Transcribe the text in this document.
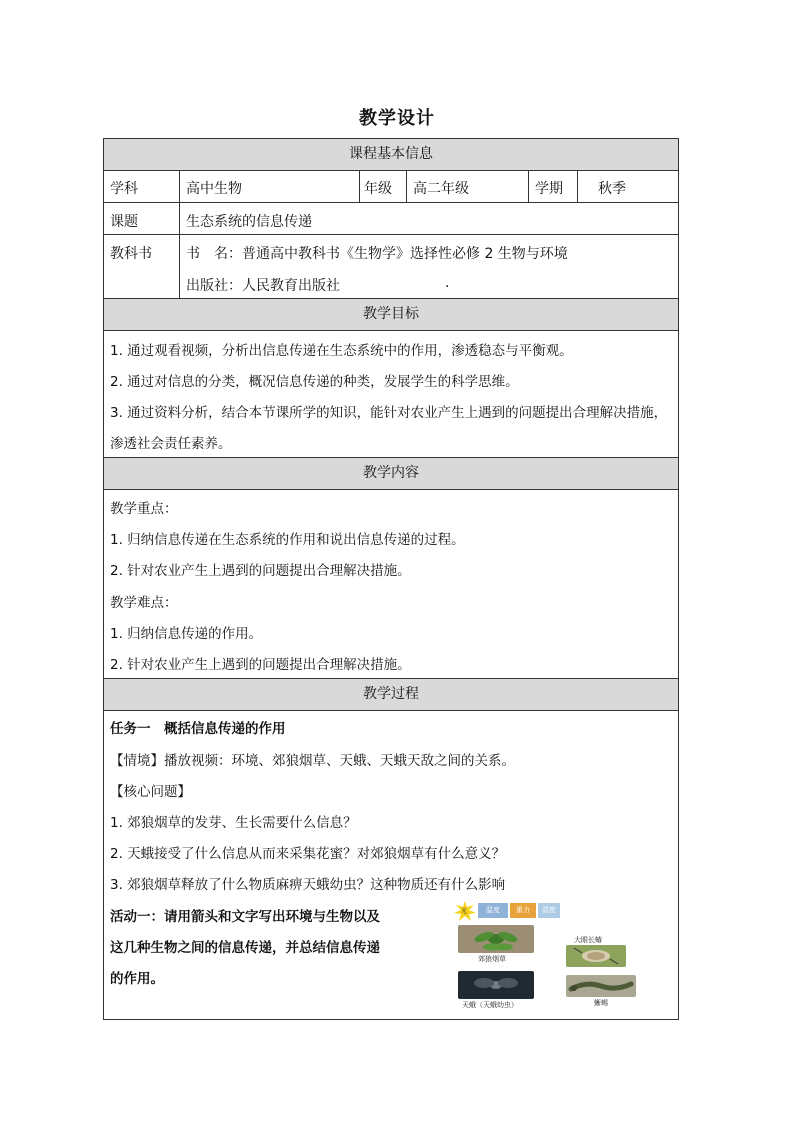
教学设计
课程基本信息
学科	高中生物	年级 高二年级	学期	秋季
课题	生态系统的信息传递
教科书 书　名：普通高中教科书《生物学》选择性必修 2 生物与环境
出版社：人民教育出版社	.
教学目标
1. 通过观看视频，分析出信息传递在生态系统中的作用，渗透稳态与平衡观。
2. 通过对信息的分类，概况信息传递的种类，发展学生的科学思维。
3. 通过资料分析，结合本节课所学的知识，能针对农业产生上遇到的问题提出合理解决措施，
渗透社会责任素养。
教学内容
教学重点：
1. 归纳信息传递在生态系统的作用和说出信息传递的过程。
2. 针对农业产生上遇到的问题提出合理解决措施。
教学难点：
1. 归纳信息传递的作用。
2. 针对农业产生上遇到的问题提出合理解决措施。
教学过程
任务一　概括信息传递的作用
【情境】播放视频：环境、郊狼烟草、天蛾、天蛾天敌之间的关系。
【核心问题】
1. 郊狼烟草的发芽、生长需要什么信息？
2. 天蛾接受了什么信息从而来采集花蜜？对郊狼烟草有什么意义？
3. 郊狼烟草释放了什么物质麻痹天蛾幼虫？这种物质还有什么影响
活动一：请用箭头和文字写出环境与生物以及
这几种生物之间的信息传递，并总结信息传递
的作用。
光	温度	重力	湿度
郊狼烟草
大眼长蝽
天蛾（天蛾幼虫）	蜥蜴
